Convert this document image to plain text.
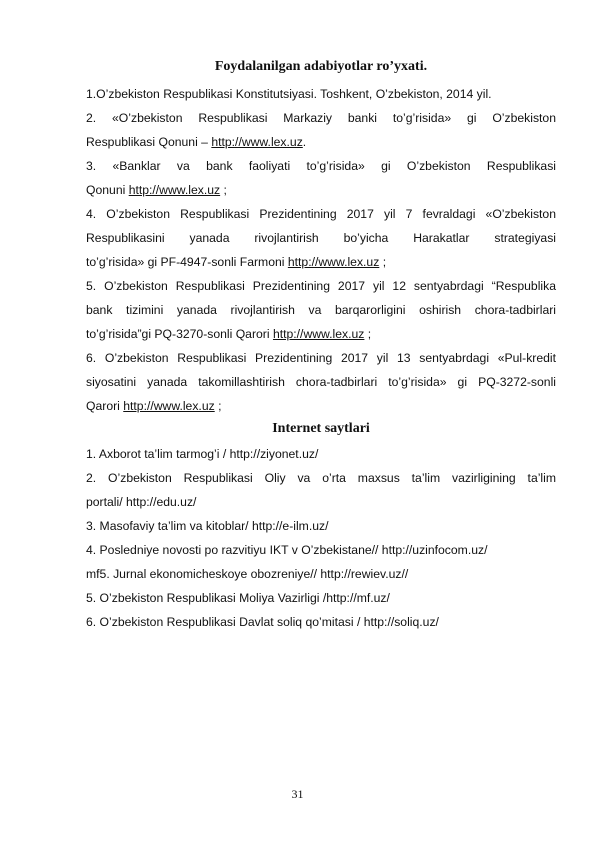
Foydalanilgan adabiyotlar ro’yxati.
1.O’zbekiston Respublikasi Konstitutsiyasi. Toshkent, O’zbekiston, 2014 yil.
2. «O’zbekiston Respublikasi Markaziy banki to’g’risida» gi O’zbekiston
Respublikasi Qonuni – http://www.lex.uz.
3. «Banklar va bank faoliyati to’g’risida» gi O’zbekiston Respublikasi
Qonuni http://www.lex.uz ;
4. O’zbekiston Respublikasi Prezidentining 2017 yil 7 fevraldagi «O’zbekiston
Respublikasini yanada rivojlantirish bo’yicha Harakatlar strategiyasi
to’g’risida» gi PF-4947-sonli Farmoni http://www.lex.uz ;
5. O’zbekiston Respublikasi Prezidentining 2017 yil 12 sentyabrdagi “Respublika
bank tizimini yanada rivojlantirish va barqarorligini oshirish chora-tadbirlari
to’g’risida”gi PQ-3270-sonli Qarori http://www.lex.uz ;
6. O’zbekiston Respublikasi Prezidentining 2017 yil 13 sentyabrdagi «Pul-kredit
siyosatini yanada takomillashtirish chora-tadbirlari to’g’risida» gi PQ-3272-sonli
Qarori http://www.lex.uz ;
Internet saytlari
1. Axborot ta’lim tarmog’i / http://ziyonet.uz/
2. O’zbekiston Respublikasi Oliy va o’rta maxsus ta’lim vazirligining ta’lim
portali/ http://edu.uz/
3. Masofaviy ta’lim va kitoblar/ http://e-ilm.uz/
4. Posledniye novosti po razvitiyu IKT v O’zbekistane// http://uzinfocom.uz/
mf5. Jurnal ekonomicheskoye obozreniye// http://rewiev.uz//
5. O’zbekiston Respublikasi Moliya Vazirligi /http://mf.uz/
6. O’zbekiston Respublikasi Davlat soliq qo’mitasi / http://soliq.uz/
31
